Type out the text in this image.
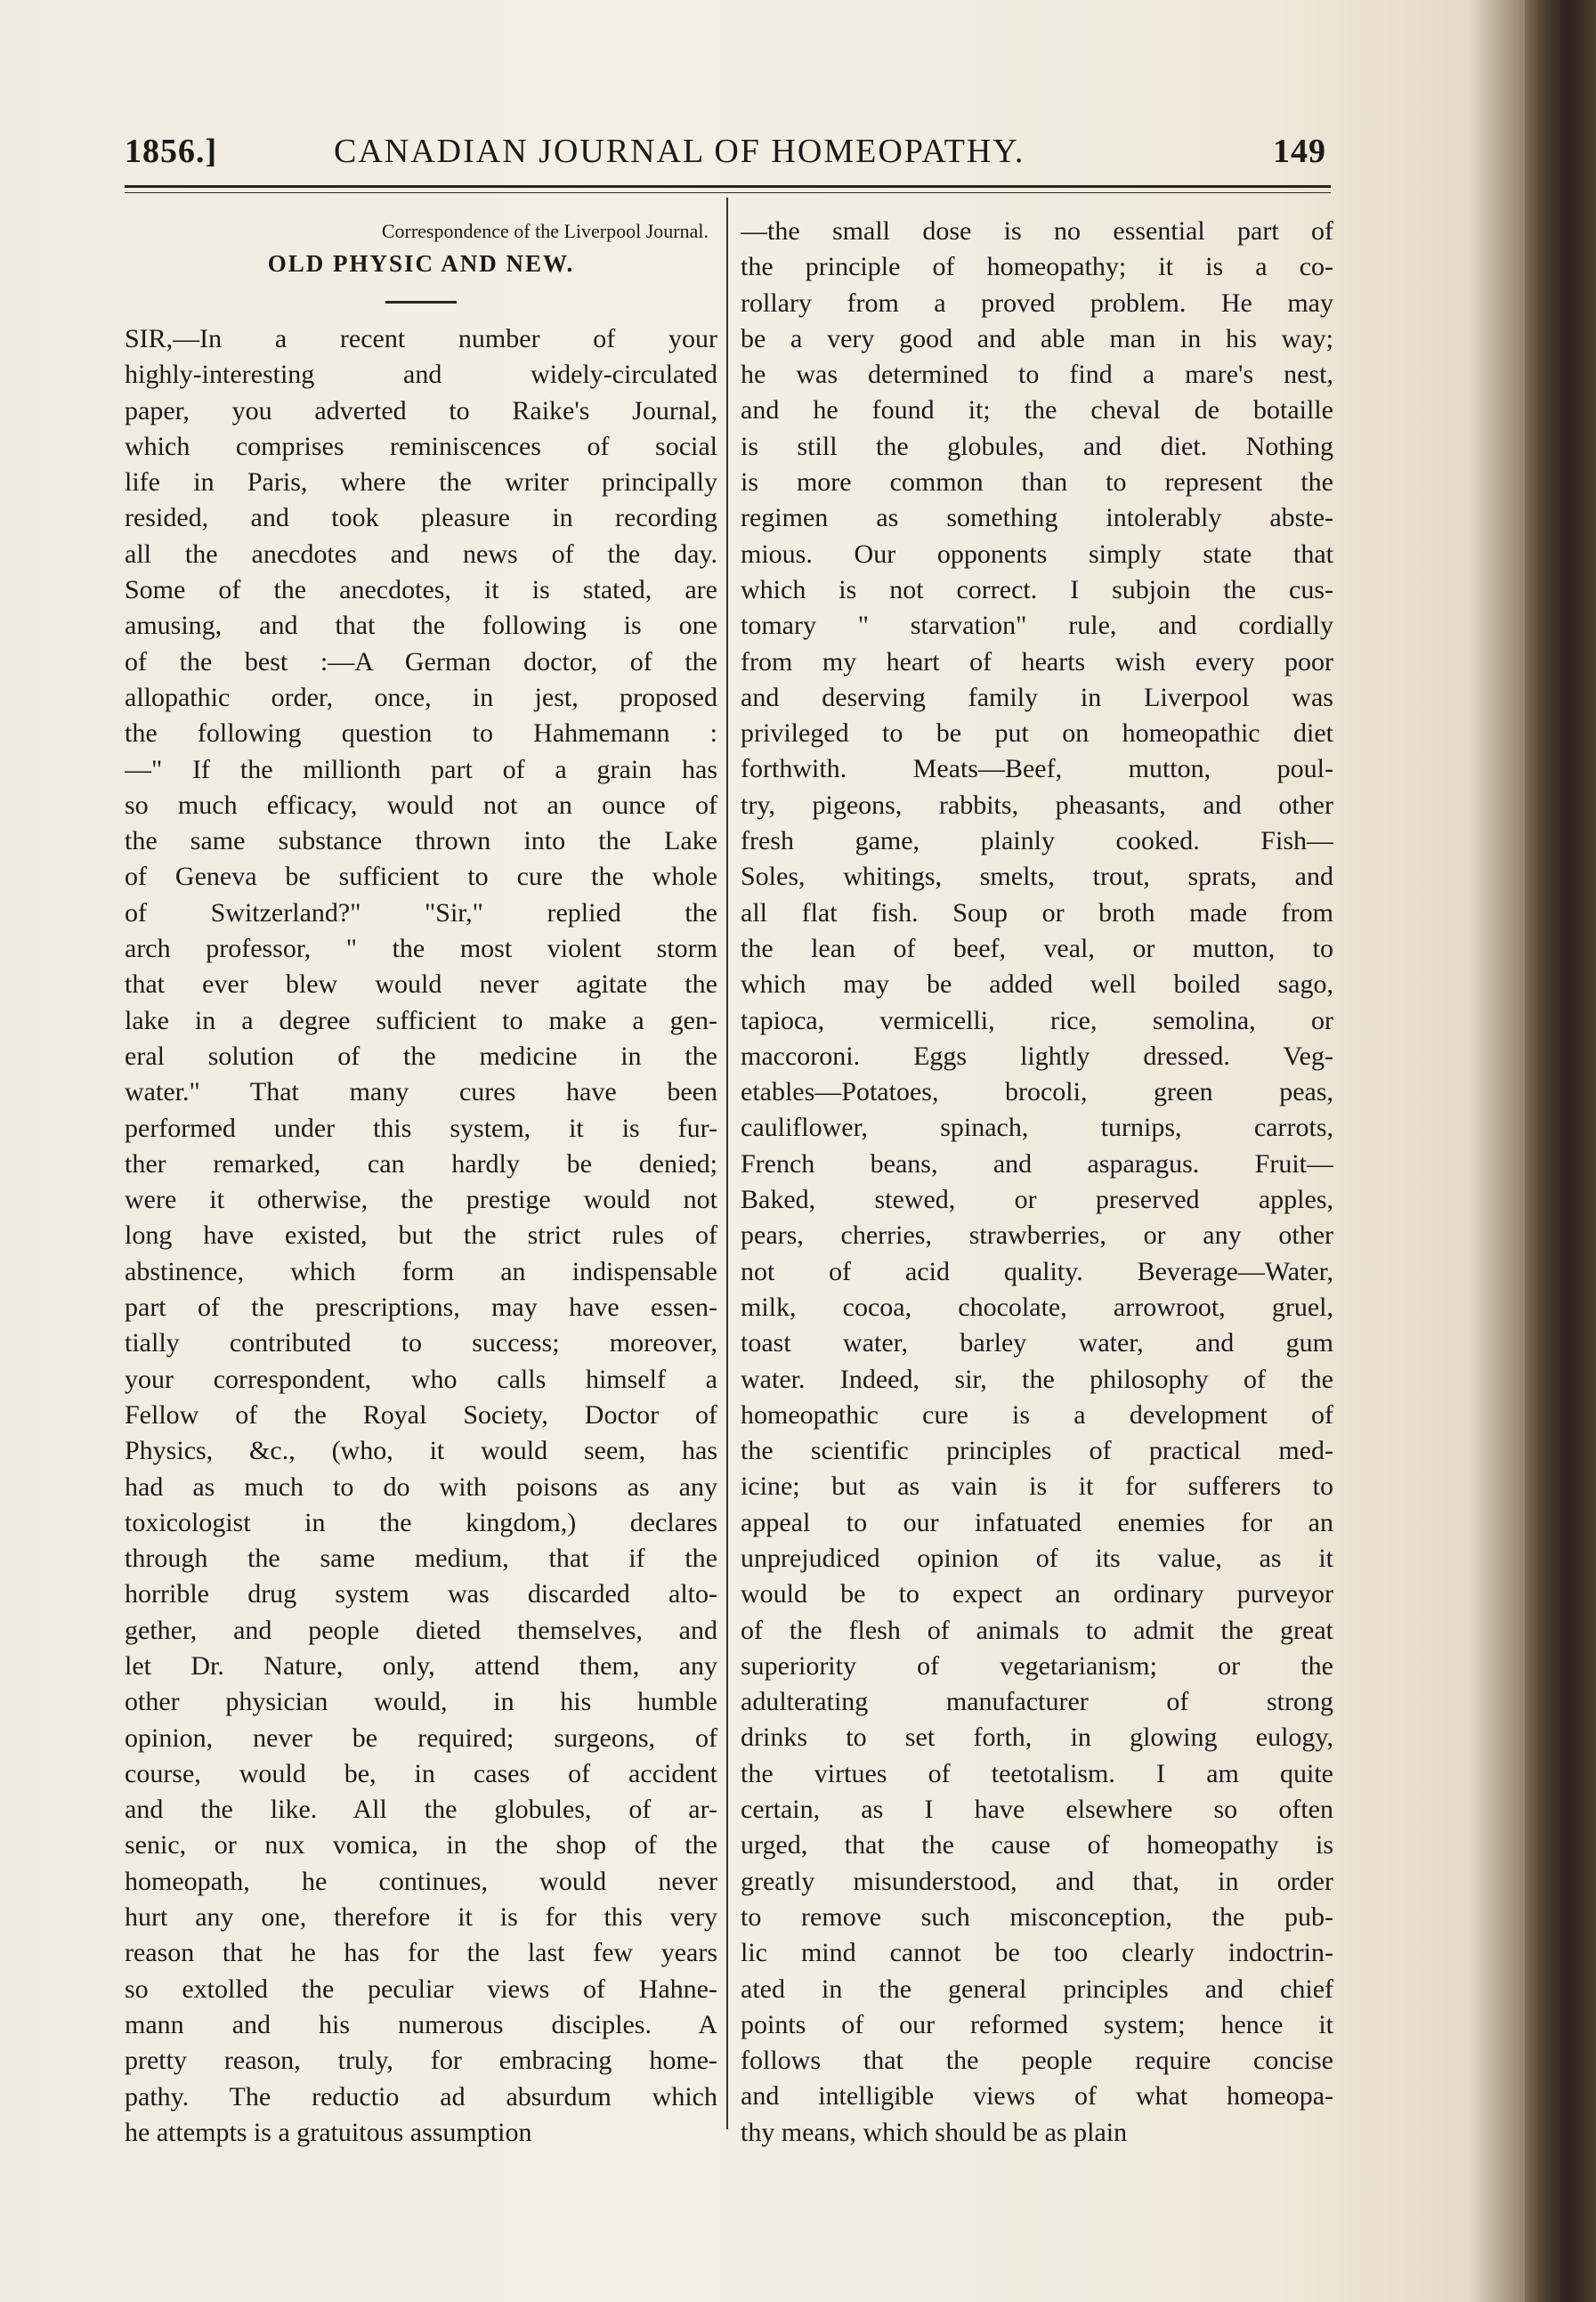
1856.]	CANADIAN JOURNAL OF HOMEOPATHY.	149
Correspondence of the Liverpool Journal.
OLD PHYSIC AND NEW.
SIR,—In a recent number of your
highly-interesting and widely-circulated
paper, you adverted to Raike's Journal,
which comprises reminiscences of social
life in Paris, where the writer principally
resided, and took pleasure in recording
all the anecdotes and news of the day.
Some of the anecdotes, it is stated, are
amusing, and that the following is one
of the best :—A German doctor, of the
allopathic order, once, in jest, proposed
the following question to Hahmemann :
—" If the millionth part of a grain has
so much efficacy, would not an ounce of
the same substance thrown into the Lake
of Geneva be sufficient to cure the whole
of Switzerland?" "Sir," replied the
arch professor, " the most violent storm
that ever blew would never agitate the
lake in a degree sufficient to make a gen-
eral solution of the medicine in the
water." That many cures have been
performed under this system, it is fur-
ther remarked, can hardly be denied;
were it otherwise, the prestige would not
long have existed, but the strict rules of
abstinence, which form an indispensable
part of the prescriptions, may have essen-
tially contributed to success; moreover,
your correspondent, who calls himself a
Fellow of the Royal Society, Doctor of
Physics, &c., (who, it would seem, has
had as much to do with poisons as any
toxicologist in the kingdom,) declares
through the same medium, that if the
horrible drug system was discarded alto-
gether, and people dieted themselves, and
let Dr. Nature, only, attend them, any
other physician would, in his humble
opinion, never be required; surgeons, of
course, would be, in cases of accident
and the like. All the globules, of ar-
senic, or nux vomica, in the shop of the
homeopath, he continues, would never
hurt any one, therefore it is for this very
reason that he has for the last few years
so extolled the peculiar views of Hahne-
mann and his numerous disciples. A
pretty reason, truly, for embracing home-
pathy. The reductio ad absurdum which
he attempts is a gratuitous assumption
—the small dose is no essential part of
the principle of homeopathy; it is a co-
rollary from a proved problem. He may
be a very good and able man in his way;
he was determined to find a mare's nest,
and he found it; the cheval de botaille
is still the globules, and diet. Nothing
is more common than to represent the
regimen as something intolerably abste-
mious. Our opponents simply state that
which is not correct. I subjoin the cus-
tomary " starvation" rule, and cordially
from my heart of hearts wish every poor
and deserving family in Liverpool was
privileged to be put on homeopathic diet
forthwith. Meats—Beef, mutton, poul-
try, pigeons, rabbits, pheasants, and other
fresh game, plainly cooked. Fish—
Soles, whitings, smelts, trout, sprats, and
all flat fish. Soup or broth made from
the lean of beef, veal, or mutton, to
which may be added well boiled sago,
tapioca, vermicelli, rice, semolina, or
maccoroni. Eggs lightly dressed. Veg-
etables—Potatoes, brocoli, green peas,
cauliflower, spinach, turnips, carrots,
French beans, and asparagus. Fruit—
Baked, stewed, or preserved apples,
pears, cherries, strawberries, or any other
not of acid quality. Beverage—Water,
milk, cocoa, chocolate, arrowroot, gruel,
toast water, barley water, and gum
water. Indeed, sir, the philosophy of the
homeopathic cure is a development of
the scientific principles of practical med-
icine; but as vain is it for sufferers to
appeal to our infatuated enemies for an
unprejudiced opinion of its value, as it
would be to expect an ordinary purveyor
of the flesh of animals to admit the great
superiority of vegetarianism; or the
adulterating manufacturer of strong
drinks to set forth, in glowing eulogy,
the virtues of teetotalism. I am quite
certain, as I have elsewhere so often
urged, that the cause of homeopathy is
greatly misunderstood, and that, in order
to remove such misconception, the pub-
lic mind cannot be too clearly indoctrin-
ated in the general principles and chief
points of our reformed system; hence it
follows that the people require concise
and intelligible views of what homeopa-
thy means, which should be as plain
